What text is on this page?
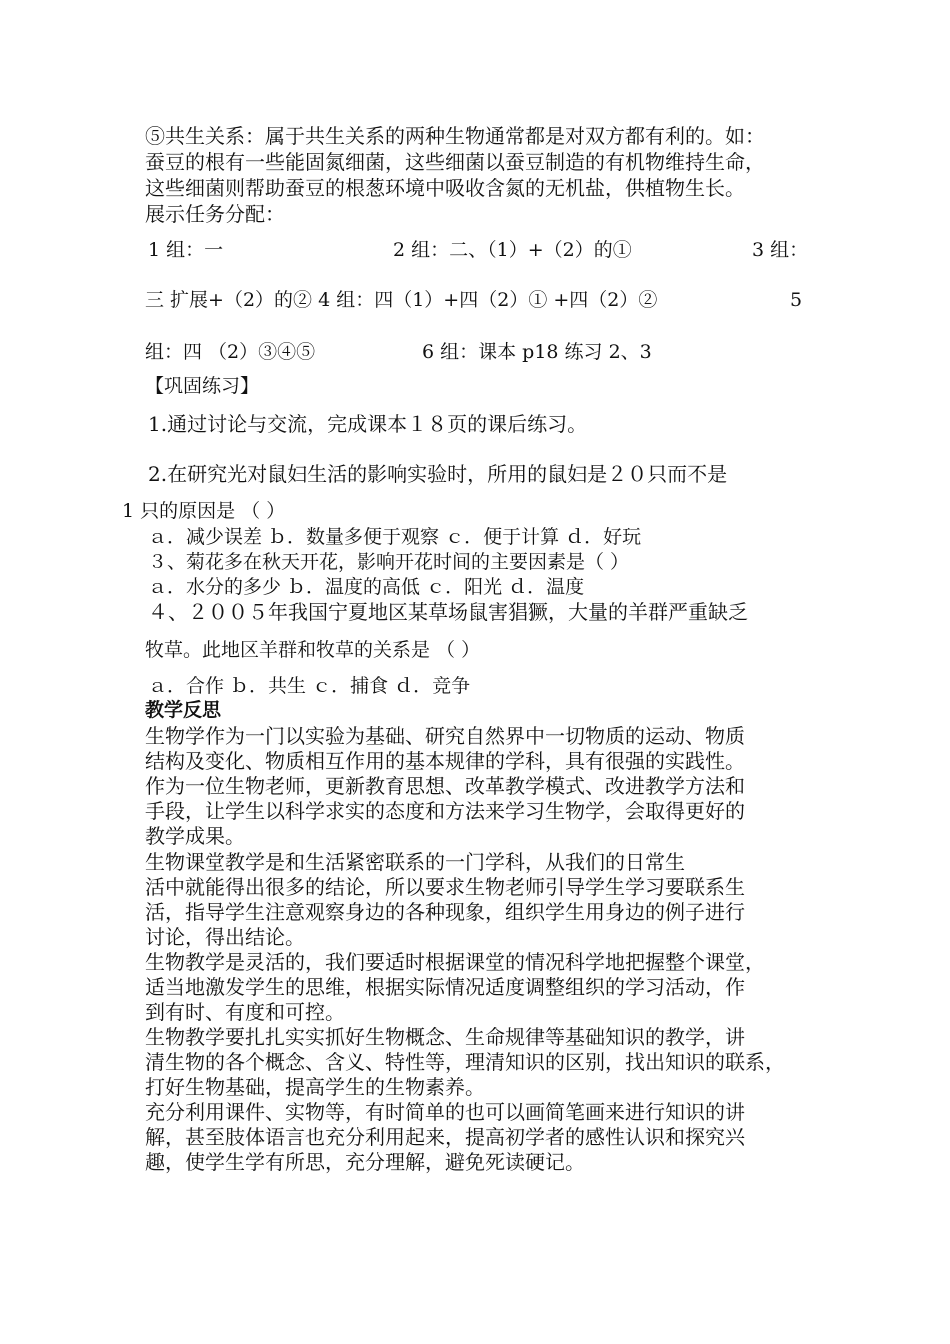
⑤共生关系：属于共生关系的两种生物通常都是对双方都有利的。如：
蚕豆的根有一些能固氮细菌，这些细菌以蚕豆制造的有机物维持生命，
这些细菌则帮助蚕豆的根葱环境中吸收含氮的无机盐，供植物生长。
展示任务分配：
1 组：一	2 组：二、（1）+（2）的①	3 组：
三 扩展+（2）的② 4 组：四（1）+四（2）① +四（2）②	5
组：四 （2）③④⑤	6 组：课本 p18 练习 2、3
【巩固练习】
1.通过讨论与交流，完成课本１８页的课后练习。
2.在研究光对鼠妇生活的影响实验时，所用的鼠妇是２０只而不是
1 只的原因是 （ ）
ａ．减少误差 ｂ．数量多便于观察 ｃ．便于计算 ｄ．好玩
３、菊花多在秋天开花，影响开花时间的主要因素是（ ）
ａ．水分的多少 ｂ．温度的高低 ｃ．阳光 ｄ．温度
４、２００５年我国宁夏地区某草场鼠害猖獗，大量的羊群严重缺乏
牧草。此地区羊群和牧草的关系是 （ ）
ａ．合作 ｂ．共生 ｃ．捕食 ｄ．竞争
教学反思
生物学作为一门以实验为基础、研究自然界中一切物质的运动、物质
结构及变化、物质相互作用的基本规律的学科，具有很强的实践性。
作为一位生物老师，更新教育思想、改革教学模式、改进教学方法和
手段，让学生以科学求实的态度和方法来学习生物学，会取得更好的
教学成果。
生物课堂教学是和生活紧密联系的一门学科，从我们的日常生
活中就能得出很多的结论，所以要求生物老师引导学生学习要联系生
活，指导学生注意观察身边的各种现象，组织学生用身边的例子进行
讨论，得出结论。
生物教学是灵活的，我们要适时根据课堂的情况科学地把握整个课堂，
适当地激发学生的思维，根据实际情况适度调整组织的学习活动，作
到有时、有度和可控。
生物教学要扎扎实实抓好生物概念、生命规律等基础知识的教学，讲
清生物的各个概念、含义、特性等，理清知识的区别，找出知识的联系，
打好生物基础，提高学生的生物素养。
充分利用课件、实物等，有时简单的也可以画简笔画来进行知识的讲
解，甚至肢体语言也充分利用起来，提高初学者的感性认识和探究兴
趣，使学生学有所思，充分理解，避免死读硬记。
